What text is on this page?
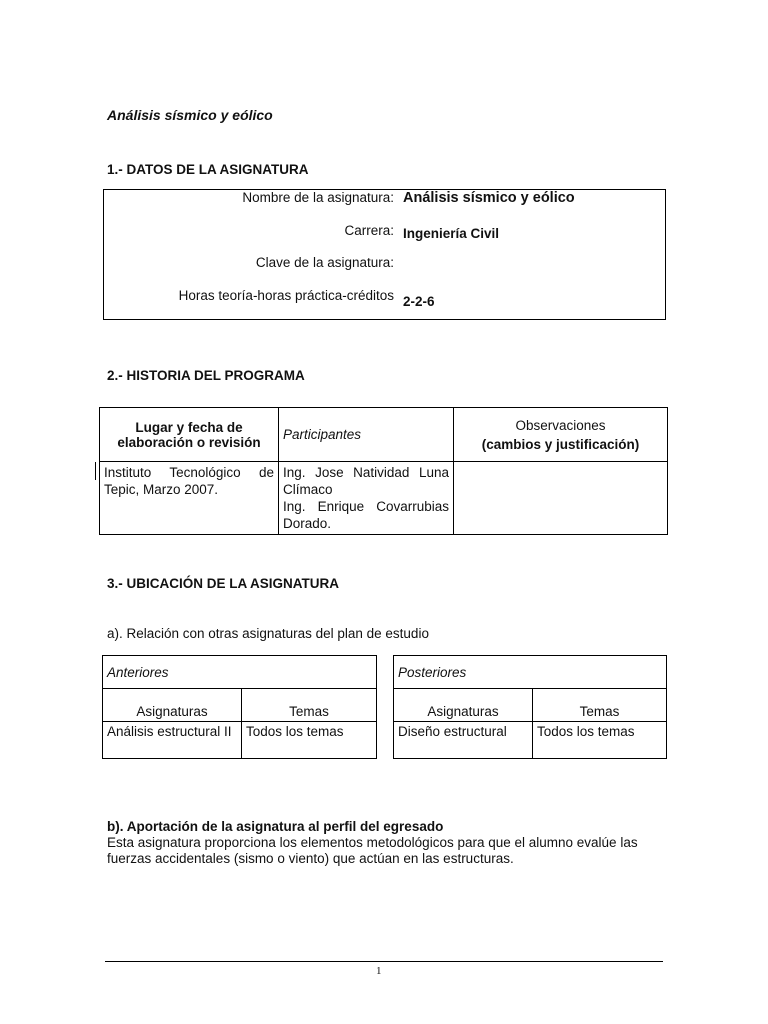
Análisis sísmico y eólico
1.- DATOS DE LA ASIGNATURA
Nombre de la asignatura: Análisis sísmico y eólico
Carrera: Ingeniería Civil
Clave de la asignatura:
Horas teoría-horas práctica-créditos 2-2-6
2.- HISTORIA DEL PROGRAMA
Lugar y fecha de elaboración o revisión	Participantes	Observaciones
(cambios y justificación)

Instituto Tecnológico de Tepic, Marzo 2007.	Ing. Jose Natividad Luna Clímaco
Ing. Enrique Covarrubias Dorado.	

3.- UBICACIÓN DE LA ASIGNATURA
a). Relación con otras asignaturas del plan de estudio
Anteriores	
Asignaturas	Temas
Análisis estructural II	Todos los temas
Posteriores	
Asignaturas	Temas
Diseño estructural	Todos los temas
b). Aportación de la asignatura al perfil del egresado
Esta asignatura proporciona los elementos metodológicos para que el alumno evalúe las fuerzas accidentales (sismo o viento) que actúan en las estructuras.
1
